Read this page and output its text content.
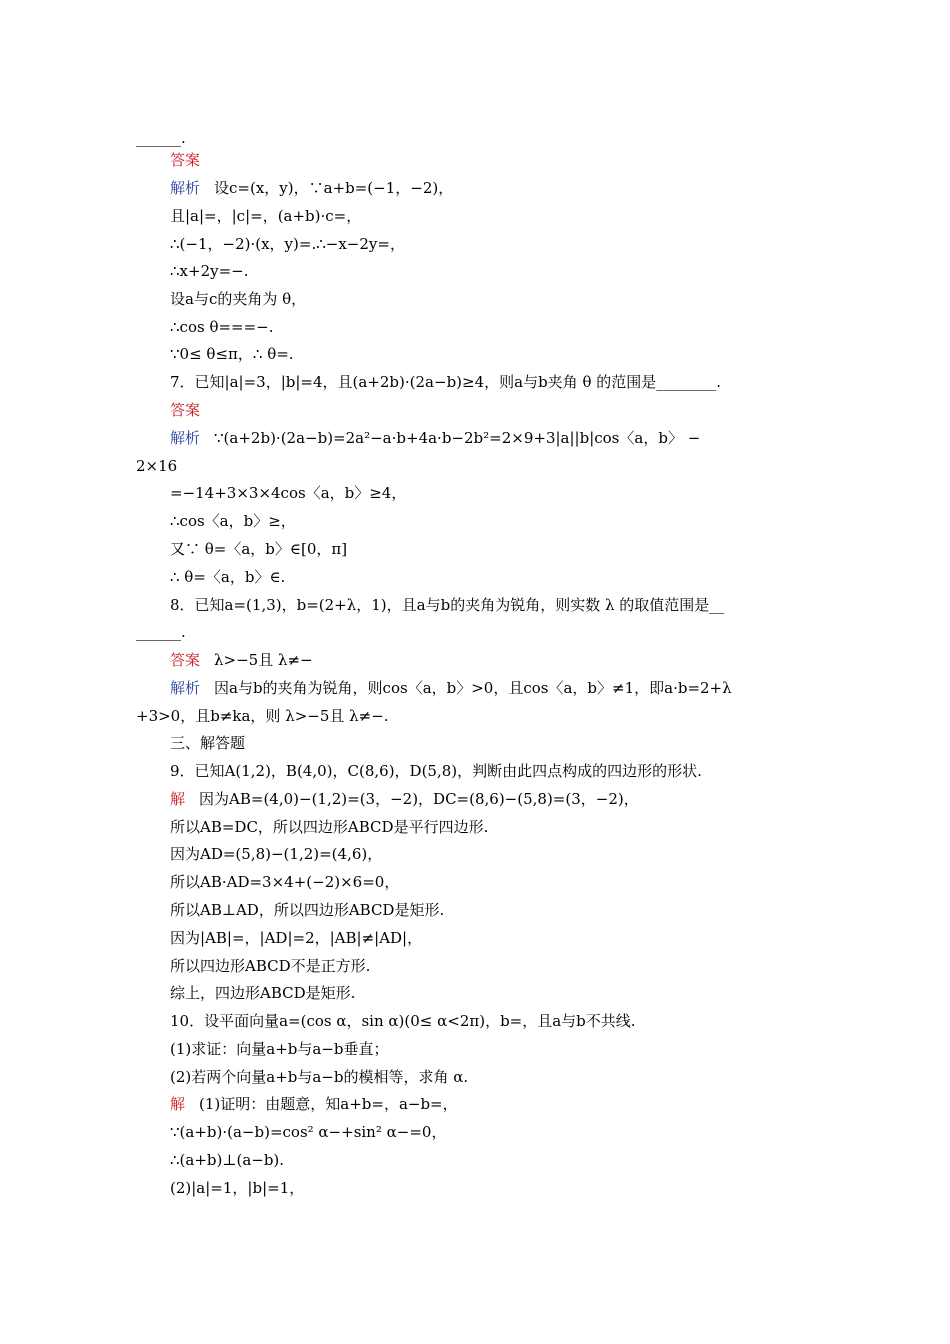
______.
答案
解析 设c=(x，y)，∵a+b=(−1，−2)，
且|a|=，|c|=，(a+b)·c=，
∴(−1，−2)·(x，y)=.∴−x−2y=，
∴x+2y=−.
设a与c的夹角为 θ，
∴cos θ===−.
∵0≤ θ≤π，∴ θ=.
7．已知|a|=3，|b|=4，且(a+2b)·(2a−b)≥4，则a与b夹角 θ 的范围是________.
答案
解析 ∵(a+2b)·(2a−b)=2a²−a·b+4a·b−2b²=2×9+3|a||b|cos〈a，b〉 −
2×16
=−14+3×3×4cos〈a，b〉≥4，
∴cos〈a，b〉≥，
又∵ θ=〈a，b〉∈[0，π]
∴ θ=〈a，b〉∈.
8．已知a=(1,3)，b=(2+λ，1)，且a与b的夹角为锐角，则实数 λ 的取值范围是__
______.
答案 λ>−5且 λ≠−
解析 因a与b的夹角为锐角，则cos〈a，b〉>0，且cos〈a，b〉≠1，即a·b=2+λ
+3>0，且b≠ka，则 λ>−5且 λ≠−.
三、解答题
9．已知A(1,2)，B(4,0)，C(8,6)，D(5,8)，判断由此四点构成的四边形的形状.
解 因为AB=(4,0)−(1,2)=(3，−2)，DC=(8,6)−(5,8)=(3，−2)，
所以AB=DC，所以四边形ABCD是平行四边形.
因为AD=(5,8)−(1,2)=(4,6)，
所以AB·AD=3×4+(−2)×6=0，
所以AB⊥AD，所以四边形ABCD是矩形.
因为|AB|=，|AD|=2，|AB|≠|AD|，
所以四边形ABCD不是正方形.
综上，四边形ABCD是矩形.
10．设平面向量a=(cos α，sin α)(0≤ α<2π)，b=，且a与b不共线.
(1)求证：向量a+b与a−b垂直；
(2)若两个向量a+b与a−b的模相等，求角 α.
解 (1)证明：由题意，知a+b=，a−b=，
∵(a+b)·(a−b)=cos² α−+sin² α−=0，
∴(a+b)⊥(a−b).
(2)|a|=1，|b|=1，
